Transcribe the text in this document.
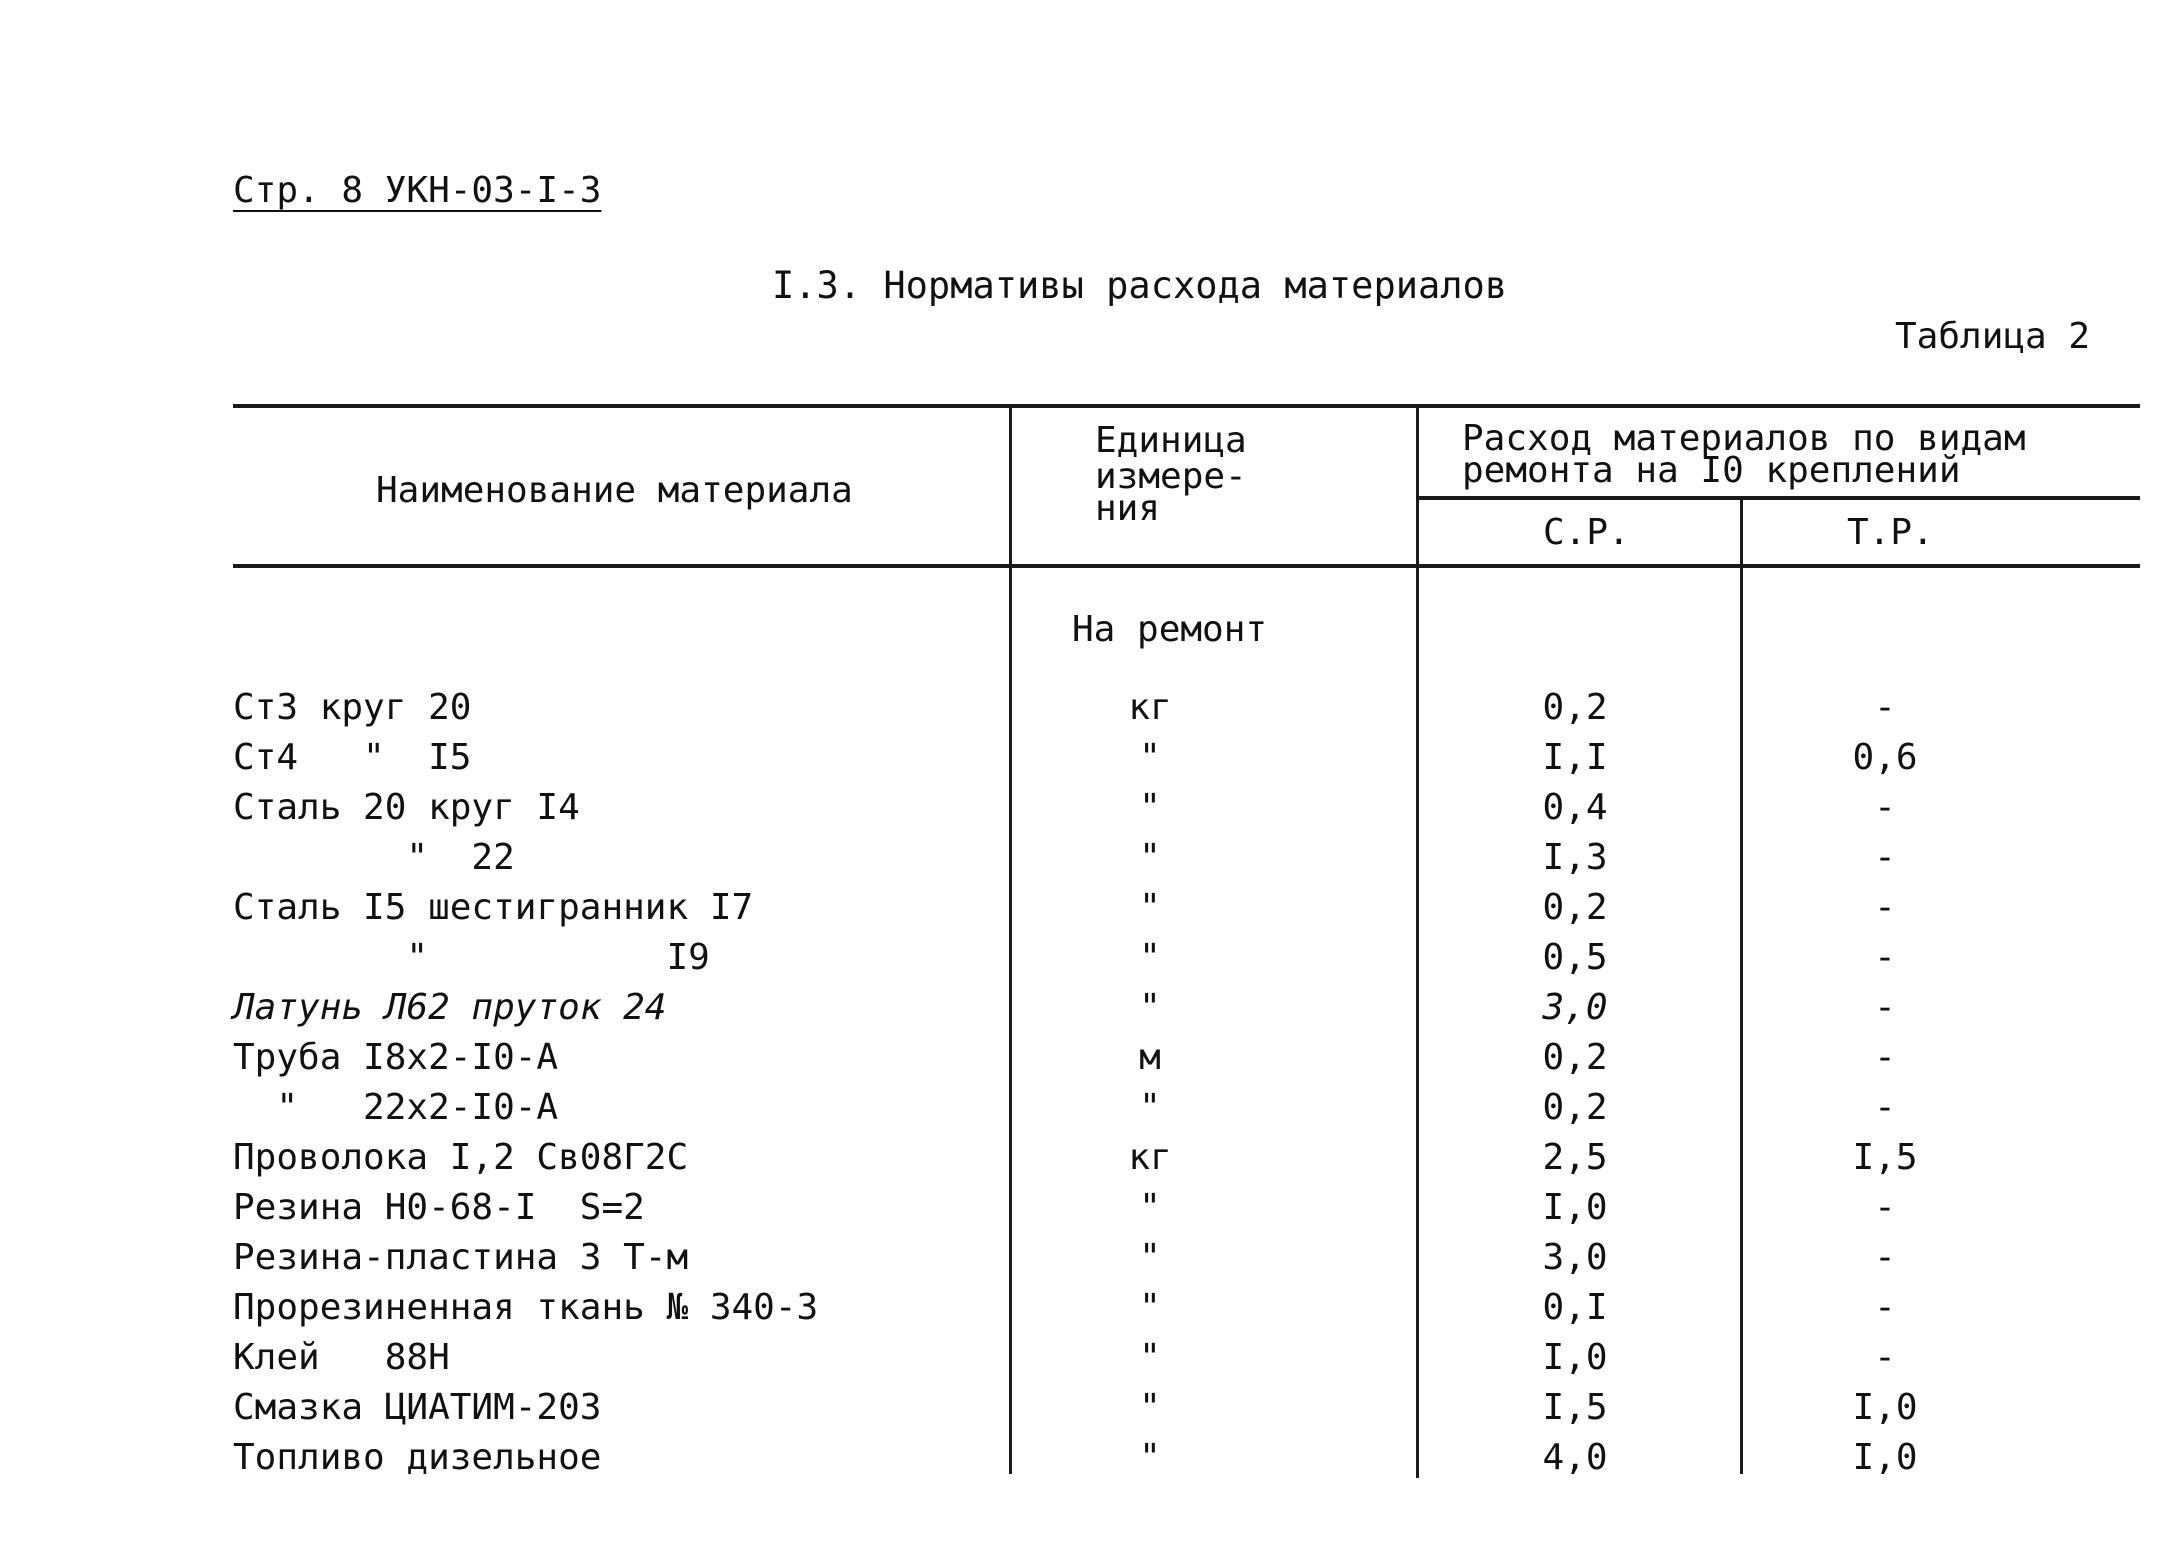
Стр. 8 УКН-03-I-3
I.3. Нормативы расхода материалов
Таблица 2
Наименование материала
Единица
измере-
ния
Расход материалов по видам
ремонта на I0 креплений
С.Р.	Т.Р.
На ремонт
Ст3 круг 20	кг	0,2	-
Ст4   "  I5	"	I,I	0,6
Сталь 20 круг I4	"	0,4	-
"  22	"	I,3	-
Сталь I5 шестигранник I7	"	0,2	-
"           I9	"	0,5	-
Латунь Л62 пруток 24	"	3,0	-
Труба I8x2-I0-А	м	0,2	-
"   22x2-I0-А	"	0,2	-
Проволока I,2 Св08Г2С	кг	2,5	I,5
Резина Н0-68-I  S=2	"	I,0	-
Резина-пластина 3 Т-м	"	3,0	-
Прорезиненная ткань № 340-3	"	0,I	-
Клей   88Н	"	I,0	-
Смазка ЦИАТИМ-203	"	I,5	I,0
Топливо дизельное	"	4,0	I,0
